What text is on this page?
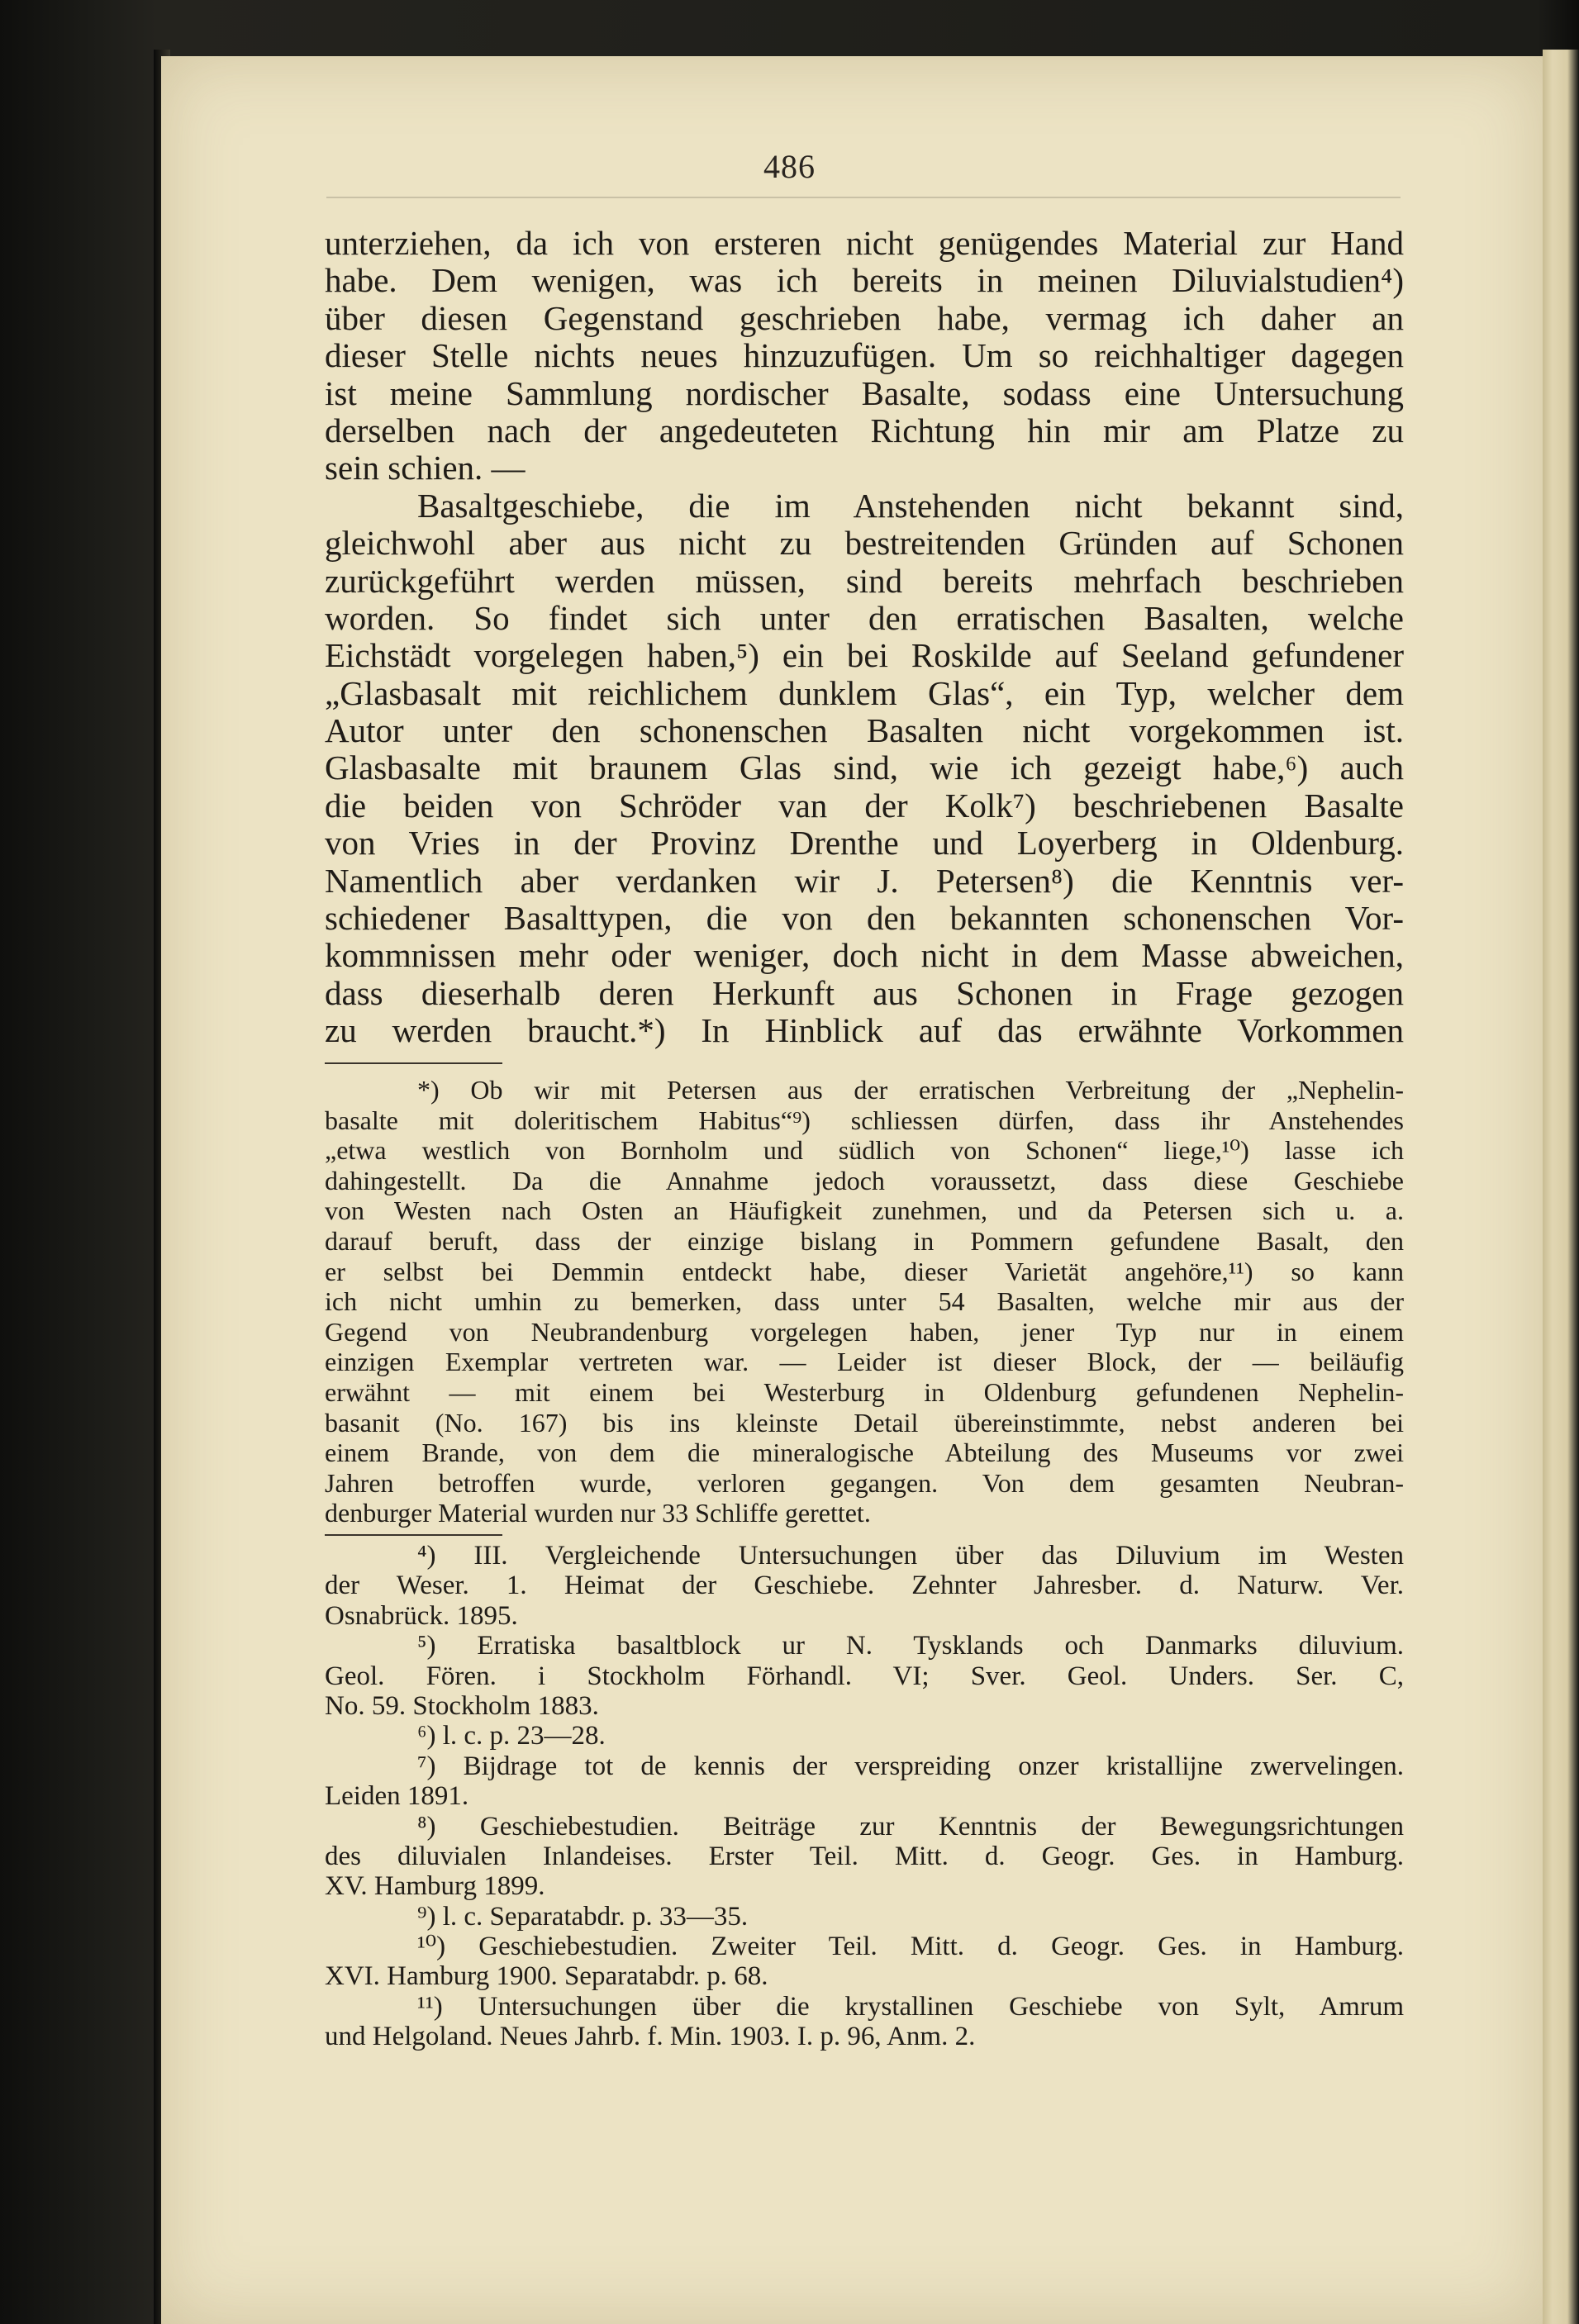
486
unterziehen, da ich von ersteren nicht genügendes Material zur Hand
habe. Dem wenigen, was ich bereits in meinen Diluvialstudien⁴)
über diesen Gegenstand geschrieben habe, vermag ich daher an
dieser Stelle nichts neues hinzuzufügen. Um so reichhaltiger dagegen
ist meine Sammlung nordischer Basalte, sodass eine Untersuchung
derselben nach der angedeuteten Richtung hin mir am Platze zu
sein schien. —
Basaltgeschiebe, die im Anstehenden nicht bekannt sind,
gleichwohl aber aus nicht zu bestreitenden Gründen auf Schonen
zurückgeführt werden müssen, sind bereits mehrfach beschrieben
worden. So findet sich unter den erratischen Basalten, welche
Eichstädt vorgelegen haben,⁵) ein bei Roskilde auf Seeland gefundener
„Glasbasalt mit reichlichem dunklem Glas“, ein Typ, welcher dem
Autor unter den schonenschen Basalten nicht vorgekommen ist.
Glasbasalte mit braunem Glas sind, wie ich gezeigt habe,⁶) auch
die beiden von Schröder van der Kolk⁷) beschriebenen Basalte
von Vries in der Provinz Drenthe und Loyerberg in Oldenburg.
Namentlich aber verdanken wir J. Petersen⁸) die Kenntnis ver-
schiedener Basalttypen, die von den bekannten schonenschen Vor-
kommnissen mehr oder weniger, doch nicht in dem Masse abweichen,
dass dieserhalb deren Herkunft aus Schonen in Frage gezogen
zu werden braucht.*) In Hinblick auf das erwähnte Vorkommen
*) Ob wir mit Petersen aus der erratischen Verbreitung der „Nephelin-
basalte mit doleritischem Habitus“⁹) schliessen dürfen, dass ihr Anstehendes
„etwa westlich von Bornholm und südlich von Schonen“ liege,¹⁰) lasse ich
dahingestellt. Da die Annahme jedoch voraussetzt, dass diese Geschiebe
von Westen nach Osten an Häufigkeit zunehmen, und da Petersen sich u. a.
darauf beruft, dass der einzige bislang in Pommern gefundene Basalt, den
er selbst bei Demmin entdeckt habe, dieser Varietät angehöre,¹¹) so kann
ich nicht umhin zu bemerken, dass unter 54 Basalten, welche mir aus der
Gegend von Neubrandenburg vorgelegen haben, jener Typ nur in einem
einzigen Exemplar vertreten war. — Leider ist dieser Block, der — beiläufig
erwähnt — mit einem bei Westerburg in Oldenburg gefundenen Nephelin-
basanit (No. 167) bis ins kleinste Detail übereinstimmte, nebst anderen bei
einem Brande, von dem die mineralogische Abteilung des Museums vor zwei
Jahren betroffen wurde, verloren gegangen. Von dem gesamten Neubran-
denburger Material wurden nur 33 Schliffe gerettet.
⁴) III. Vergleichende Untersuchungen über das Diluvium im Westen
der Weser. 1. Heimat der Geschiebe. Zehnter Jahresber. d. Naturw. Ver.
Osnabrück. 1895.
⁵) Erratiska basaltblock ur N. Tysklands och Danmarks diluvium.
Geol. Fören. i Stockholm Förhandl. VI; Sver. Geol. Unders. Ser. C,
No. 59. Stockholm 1883.
⁶) l. c. p. 23—28.
⁷) Bijdrage tot de kennis der verspreiding onzer kristallijne zwervelingen.
Leiden 1891.
⁸) Geschiebestudien. Beiträge zur Kenntnis der Bewegungsrichtungen
des diluvialen Inlandeises. Erster Teil. Mitt. d. Geogr. Ges. in Hamburg.
XV. Hamburg 1899.
⁹) l. c. Separatabdr. p. 33—35.
¹⁰) Geschiebestudien. Zweiter Teil. Mitt. d. Geogr. Ges. in Hamburg.
XVI. Hamburg 1900. Separatabdr. p. 68.
¹¹) Untersuchungen über die krystallinen Geschiebe von Sylt, Amrum
und Helgoland. Neues Jahrb. f. Min. 1903. I. p. 96, Anm. 2.
